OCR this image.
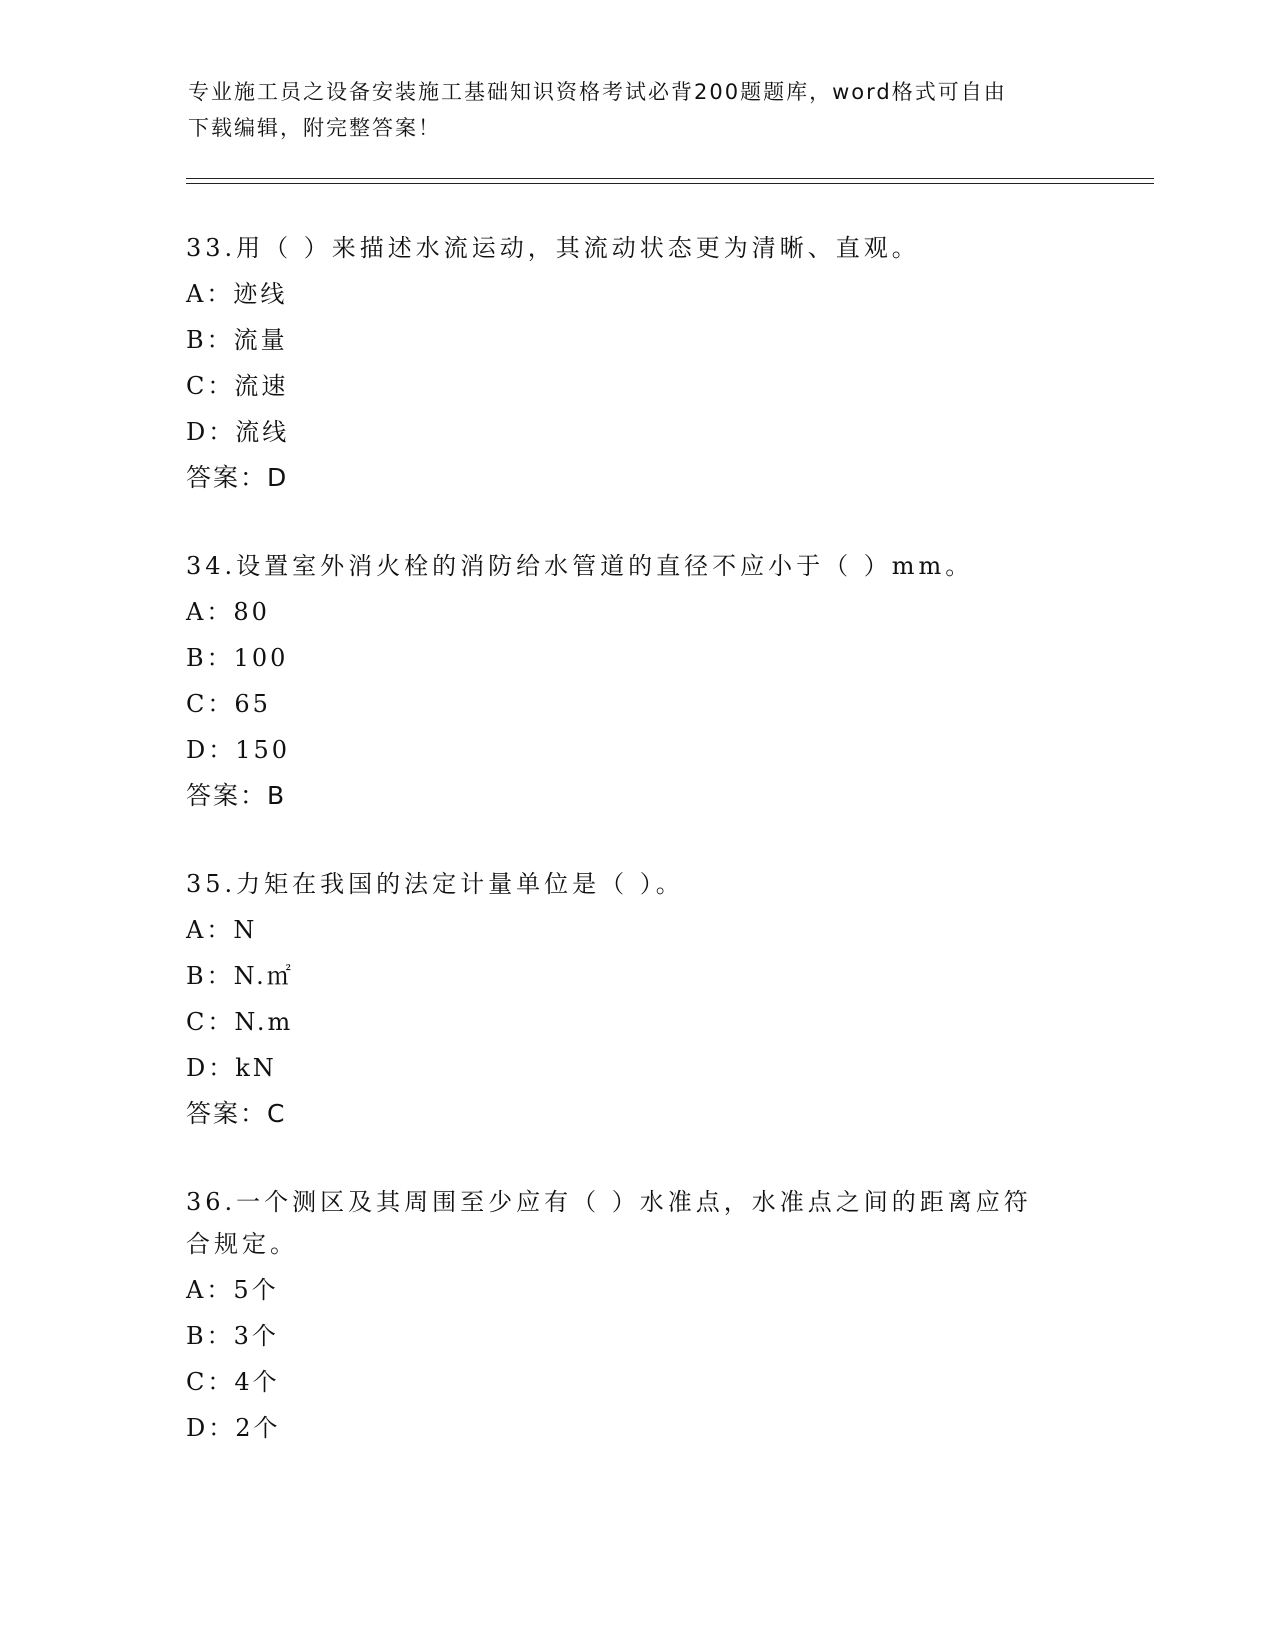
专业施工员之设备安装施工基础知识资格考试必背200题题库，word格式可自由
下载编辑，附完整答案！
33.用（ ）来描述水流运动，其流动状态更为清晰、直观。
A：迹线
B：流量
C：流速
D：流线
答案：D
34.设置室外消火栓的消防给水管道的直径不应小于（ ）mm。
A：80
B：100
C：65
D：150
答案：B
35.力矩在我国的法定计量单位是（ ）。
A：N
B：N.㎡
C：N.m
D：kN
答案：C
36.一个测区及其周围至少应有（ ）水准点，水准点之间的距离应符
合规定。
A：5个
B：3个
C：4个
D：2个
